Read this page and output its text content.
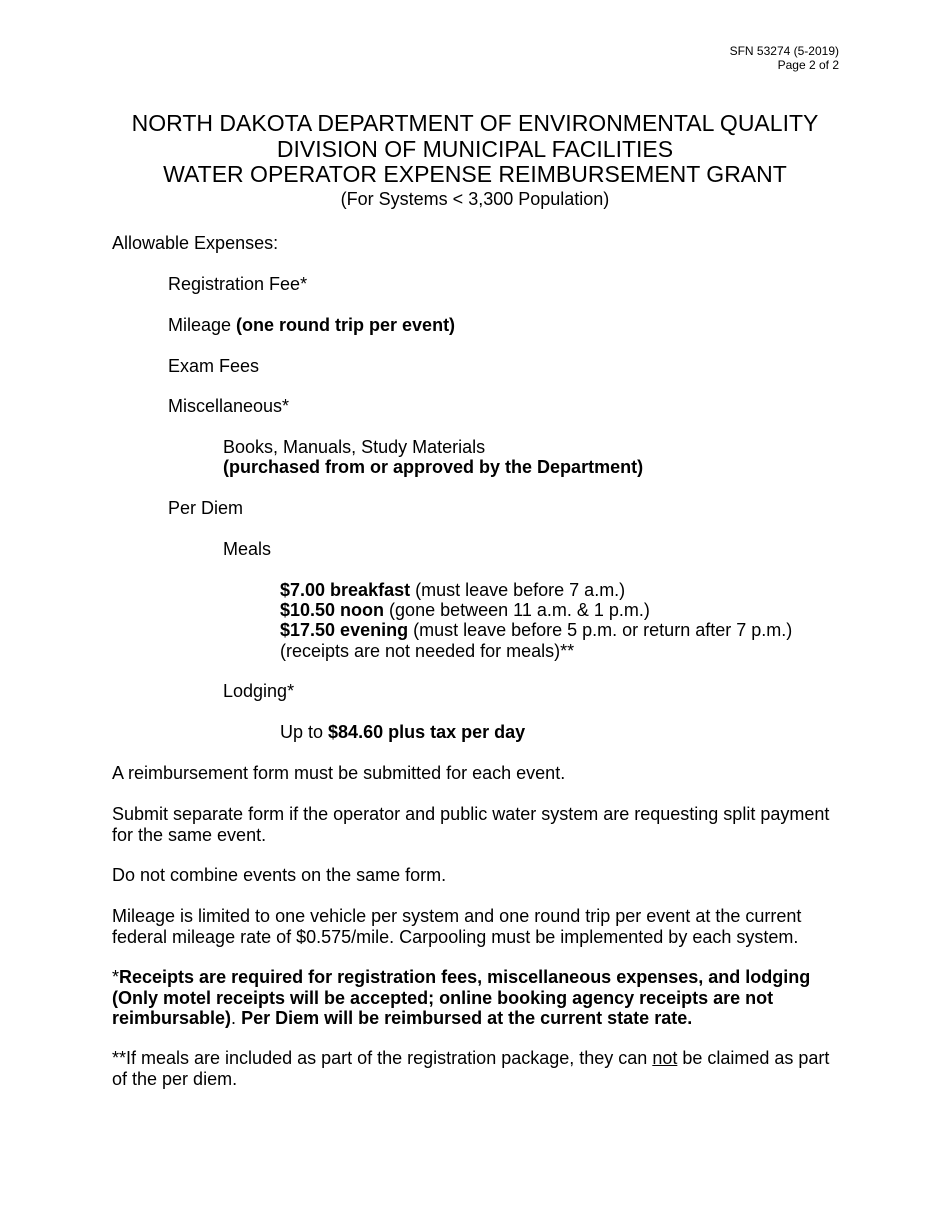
SFN 53274 (5-2019)
Page 2 of 2
NORTH DAKOTA DEPARTMENT OF ENVIRONMENTAL QUALITY
DIVISION OF MUNICIPAL FACILITIES
WATER OPERATOR EXPENSE REIMBURSEMENT GRANT
(For Systems < 3,300 Population)
Allowable Expenses:
Registration Fee*
Mileage (one round trip per event)
Exam Fees
Miscellaneous*
Books, Manuals, Study Materials
(purchased from or approved by the Department)
Per Diem
Meals
$7.00 breakfast (must leave before 7 a.m.)
$10.50 noon (gone between 11 a.m. & 1 p.m.)
$17.50 evening (must leave before 5 p.m. or return after 7 p.m.)
(receipts are not needed for meals)**
Lodging*
Up to $84.60 plus tax per day
A reimbursement form must be submitted for each event.
Submit separate form if the operator and public water system are requesting split payment for the same event.
Do not combine events on the same form.
Mileage is limited to one vehicle per system and one round trip per event at the current federal mileage rate of $0.575/mile. Carpooling must be implemented by each system.
*Receipts are required for registration fees, miscellaneous expenses, and lodging (Only motel receipts will be accepted; online booking agency receipts are not reimbursable). Per Diem will be reimbursed at the current state rate.
**If meals are included as part of the registration package, they can not be claimed as part of the per diem.
